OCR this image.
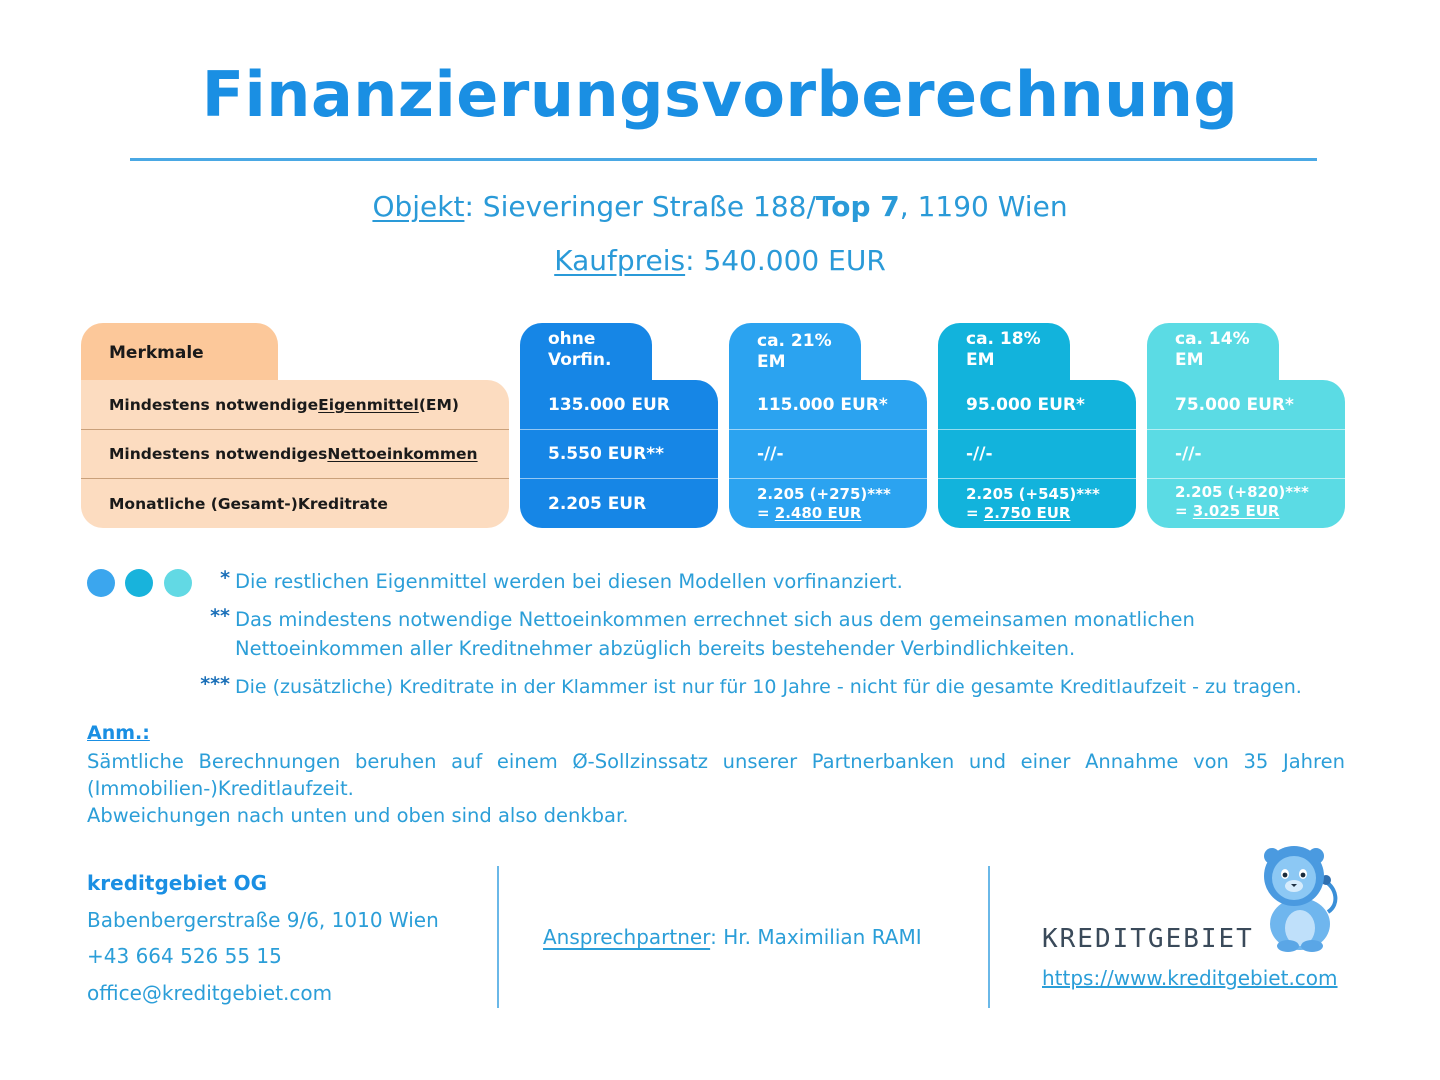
Finanzierungsvorberechnung
Objekt: Sieveringer Straße 188/Top 7, 1190 Wien
Kaufpreis: 540.000 EUR
Merkmale
Mindestens notwendige Eigenmittel (EM)
Mindestens notwendiges Nettoeinkommen
Monatliche (Gesamt-)Kreditrate
ohne
Vorfin.
135.000 EUR
5.550 EUR**
2.205 EUR
ca. 21%
EM
115.000 EUR*
-//-
2.205 (+275)***
= 2.480 EUR
ca. 18%
EM
95.000 EUR*
-//-
2.205 (+545)***
= 2.750 EUR
ca. 14%
EM
75.000 EUR*
-//-
2.205 (+820)***
= 3.025 EUR
* Die restlichen Eigenmittel werden bei diesen Modellen vorfinanziert.
** Das mindestens notwendige Nettoeinkommen errechnet sich aus dem gemeinsamen monatlichen
Nettoeinkommen aller Kreditnehmer abzüglich bereits bestehender Verbindlichkeiten.
*** Die (zusätzliche) Kreditrate in der Klammer ist nur für 10 Jahre - nicht für die gesamte Kreditlaufzeit - zu tragen.
Anm.:
Sämtliche Berechnungen beruhen auf einem Ø-Sollzinssatz unserer Partnerbanken und einer Annahme von 35 Jahren (Immobilien-)Kreditlaufzeit.
Abweichungen nach unten und oben sind also denkbar.
kreditgebiet OG
Babenbergerstraße 9/6, 1010 Wien
+43 664 526 55 15
office@kreditgebiet.com
Ansprechpartner: Hr. Maximilian RAMI	KREDITGEBIET
https://www.kreditgebiet.com
